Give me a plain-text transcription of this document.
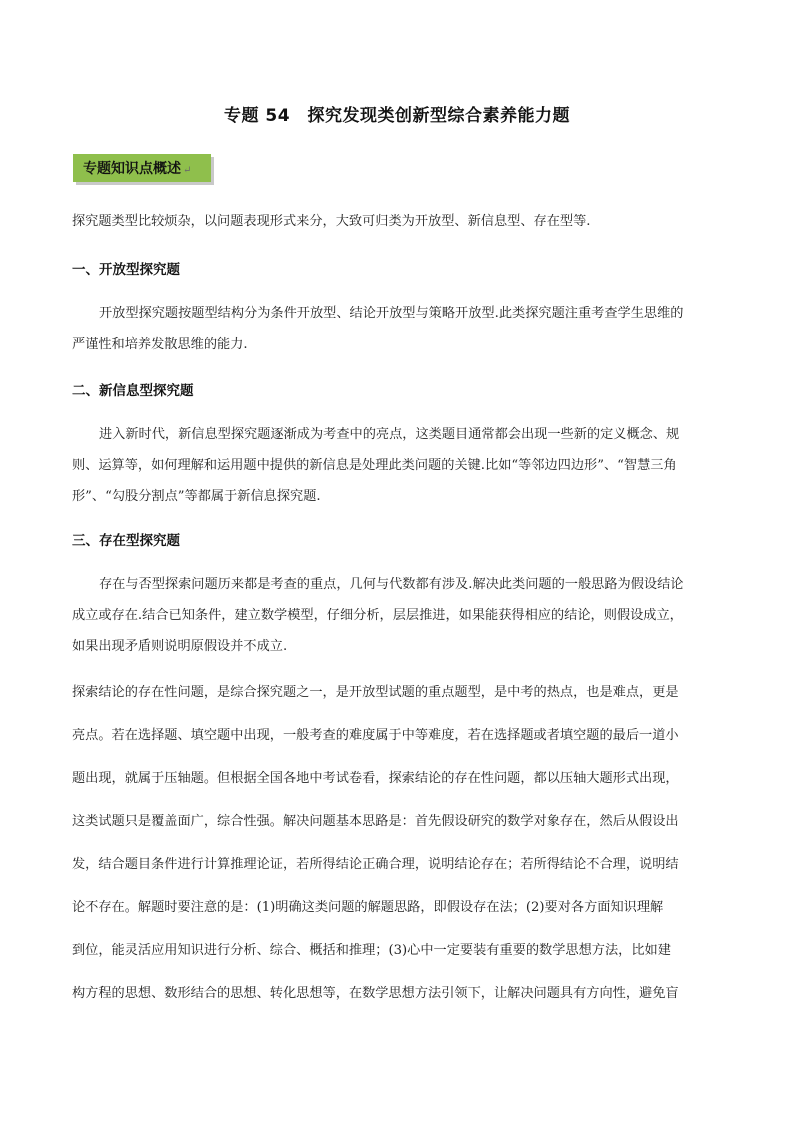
专题 54　探究发现类创新型综合素养能力题
专题知识点概述 ↵
探究题类型比较烦杂，以问题表现形式来分，大致可归类为开放型、新信息型、存在型等.
一、开放型探究题
开放型探究题按题型结构分为条件开放型、结论开放型与策略开放型.此类探究题注重考查学生思维的
严谨性和培养发散思维的能力.
二、新信息型探究题
进入新时代，新信息型探究题逐渐成为考查中的亮点，这类题目通常都会出现一些新的定义概念、规
则、运算等，如何理解和运用题中提供的新信息是处理此类问题的关键.比如“等邻边四边形”、“智慧三角
形”、“勾股分割点”等都属于新信息探究题.
三、存在型探究题
存在与否型探索问题历来都是考查的重点，几何与代数都有涉及.解决此类问题的一般思路为假设结论
成立或存在.结合已知条件，建立数学模型，仔细分析，层层推进，如果能获得相应的结论，则假设成立，
如果出现矛盾则说明原假设并不成立.
探索结论的存在性问题，是综合探究题之一，是开放型试题的重点题型，是中考的热点，也是难点，更是
亮点。若在选择题、填空题中出现，一般考查的难度属于中等难度，若在选择题或者填空题的最后一道小
题出现，就属于压轴题。但根据全国各地中考试卷看，探索结论的存在性问题，都以压轴大题形式出现，
这类试题只是覆盖面广，综合性强。解决问题基本思路是：首先假设研究的数学对象存在，然后从假设出
发，结合题目条件进行计算推理论证，若所得结论正确合理，说明结论存在；若所得结论不合理，说明结
论不存在。解题时要注意的是：(1)明确这类问题的解题思路，即假设存在法；(2)要对各方面知识理解
到位，能灵活应用知识进行分析、综合、概括和推理；(3)心中一定要装有重要的数学思想方法，比如建
构方程的思想、数形结合的思想、转化思想等，在数学思想方法引领下，让解决问题具有方向性，避免盲
